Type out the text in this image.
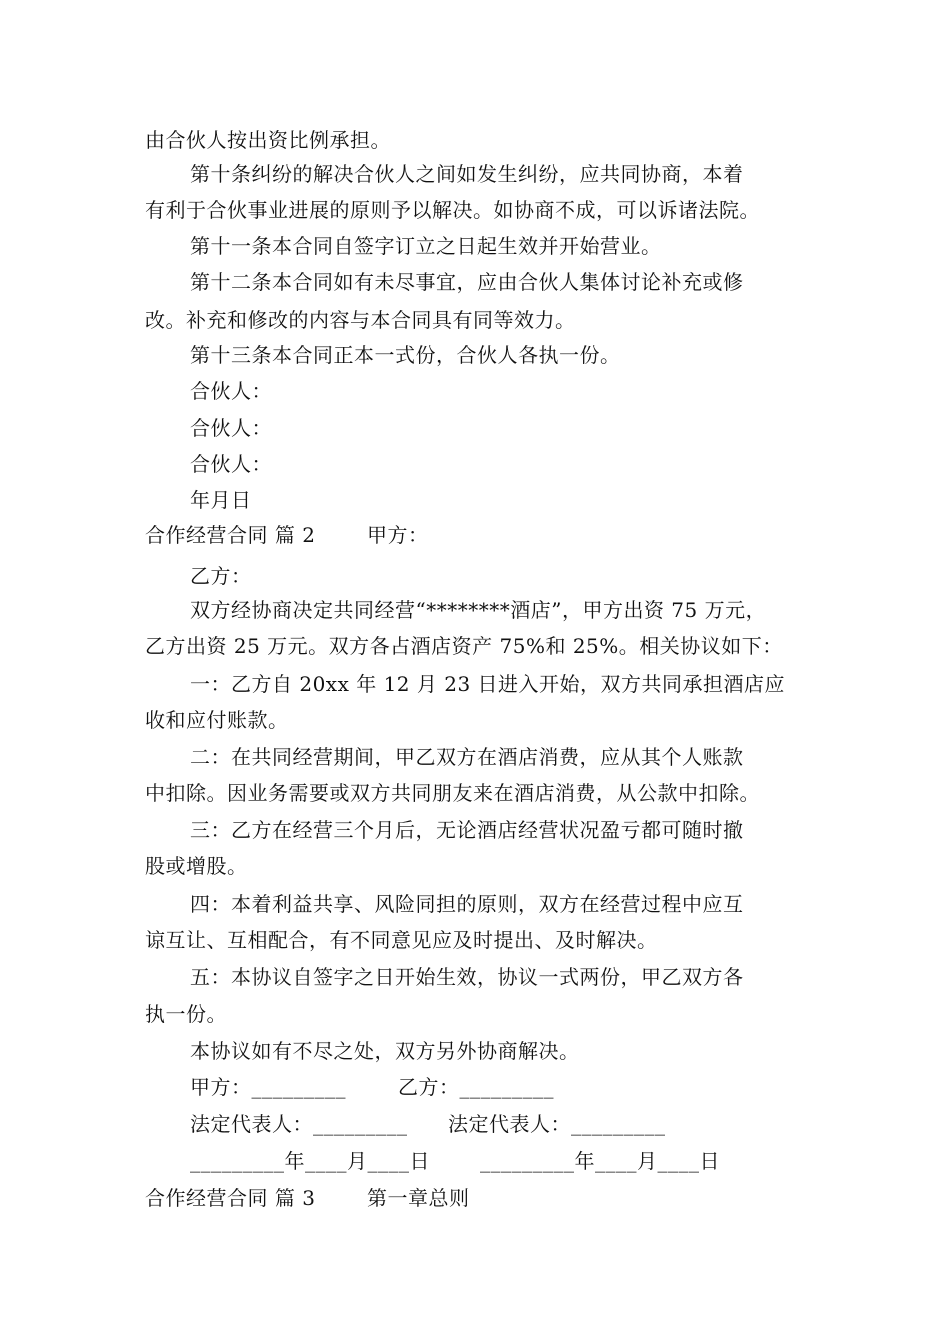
由合伙人按出资比例承担。
第十条纠纷的解决合伙人之间如发生纠纷，应共同协商，本着
有利于合伙事业进展的原则予以解决。如协商不成，可以诉诸法院。
第十一条本合同自签字订立之日起生效并开始营业。
第十二条本合同如有未尽事宜，应由合伙人集体讨论补充或修
改。补充和修改的内容与本合同具有同等效力。
第十三条本合同正本一式份，合伙人各执一份。
合伙人：
合伙人：
合伙人：
年月日
合作经营合同 篇 2	甲方：
乙方：
双方经协商决定共同经营“********酒店”，甲方出资 75 万元，
乙方出资 25 万元。双方各占酒店资产 75%和 25%。相关协议如下：
一：乙方自 20xx 年 12 月 23 日进入开始，双方共同承担酒店应
收和应付账款。
二：在共同经营期间，甲乙双方在酒店消费，应从其个人账款
中扣除。因业务需要或双方共同朋友来在酒店消费，从公款中扣除。
三：乙方在经营三个月后，无论酒店经营状况盈亏都可随时撤
股或增股。
四：本着利益共享、风险同担的原则，双方在经营过程中应互
谅互让、互相配合，有不同意见应及时提出、及时解决。
五：本协议自签字之日开始生效，协议一式两份，甲乙双方各
执一份。
本协议如有不尽之处，双方另外协商解决。
甲方：_________	乙方：_________
法定代表人：_________ 法定代表人：_________
_________年____月____日	_________年____月____日
合作经营合同 篇 3	第一章总则
